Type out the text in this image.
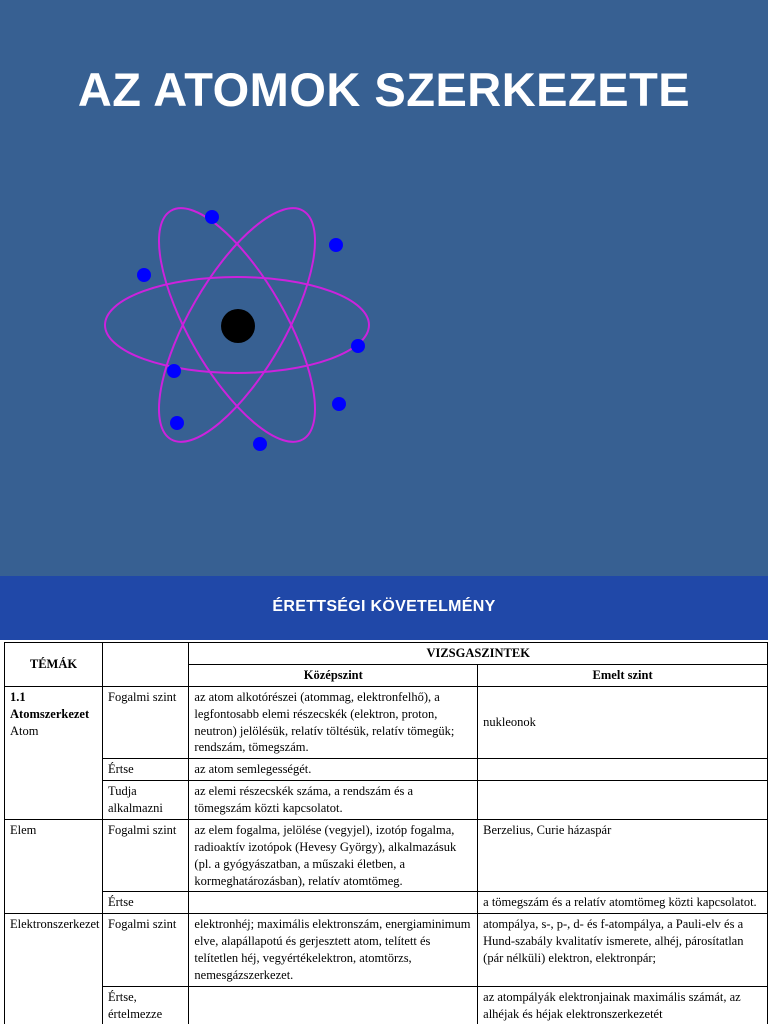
AZ ATOMOK SZERKEZETE
ÉRETTSÉGI KÖVETELMÉNY
TÉMÁK		VIZSGASZINTEK	
		Középszint	Emelt szint

1.1 Atomszerkezet
Atom	Fogalmi szint	az atom alkotórészei (atommag, elektronfelhő), a legfontosabb elemi részecskék (elektron, proton, neutron) jelölésük, relatív töltésük, relatív tömegük; rendszám, tömegszám.	nukleonok
	Értse	az atom semlegességét.	
	Tudja alkalmazni	az elemi részecskék száma, a rendszám és a tömegszám közti kapcsolatot.	
Elem	Fogalmi szint	az elem fogalma, jelölése (vegyjel), izotóp fogalma, radioaktív izotópok (Hevesy György), alkalmazásuk (pl. a gyógyászatban, a műszaki életben, a kormeghatározásban), relatív atomtömeg.	Berzelius, Curie házaspár
	Értse		a tömegszám és a relatív atomtömeg közti kapcsolatot.
Elektronszerkezet	Fogalmi szint	elektronhéj; maximális elektronszám, energiaminimum elve, alapállapotú és gerjesztett atom, telített és telítetlen héj, vegyértékelektron, atomtörzs, nemesgázszerkezet.	atompálya, s-, p-, d- és f-atompálya, a Pauli-elv és a Hund-szabály kvalitatív ismerete, alhéj, párosítatlan (pár nélküli) elektron, elektronpár;
	Értse, értelmezze		az atompályák elektronjainak maximális számát, az alhéjak és héjak elektronszerkezetét
